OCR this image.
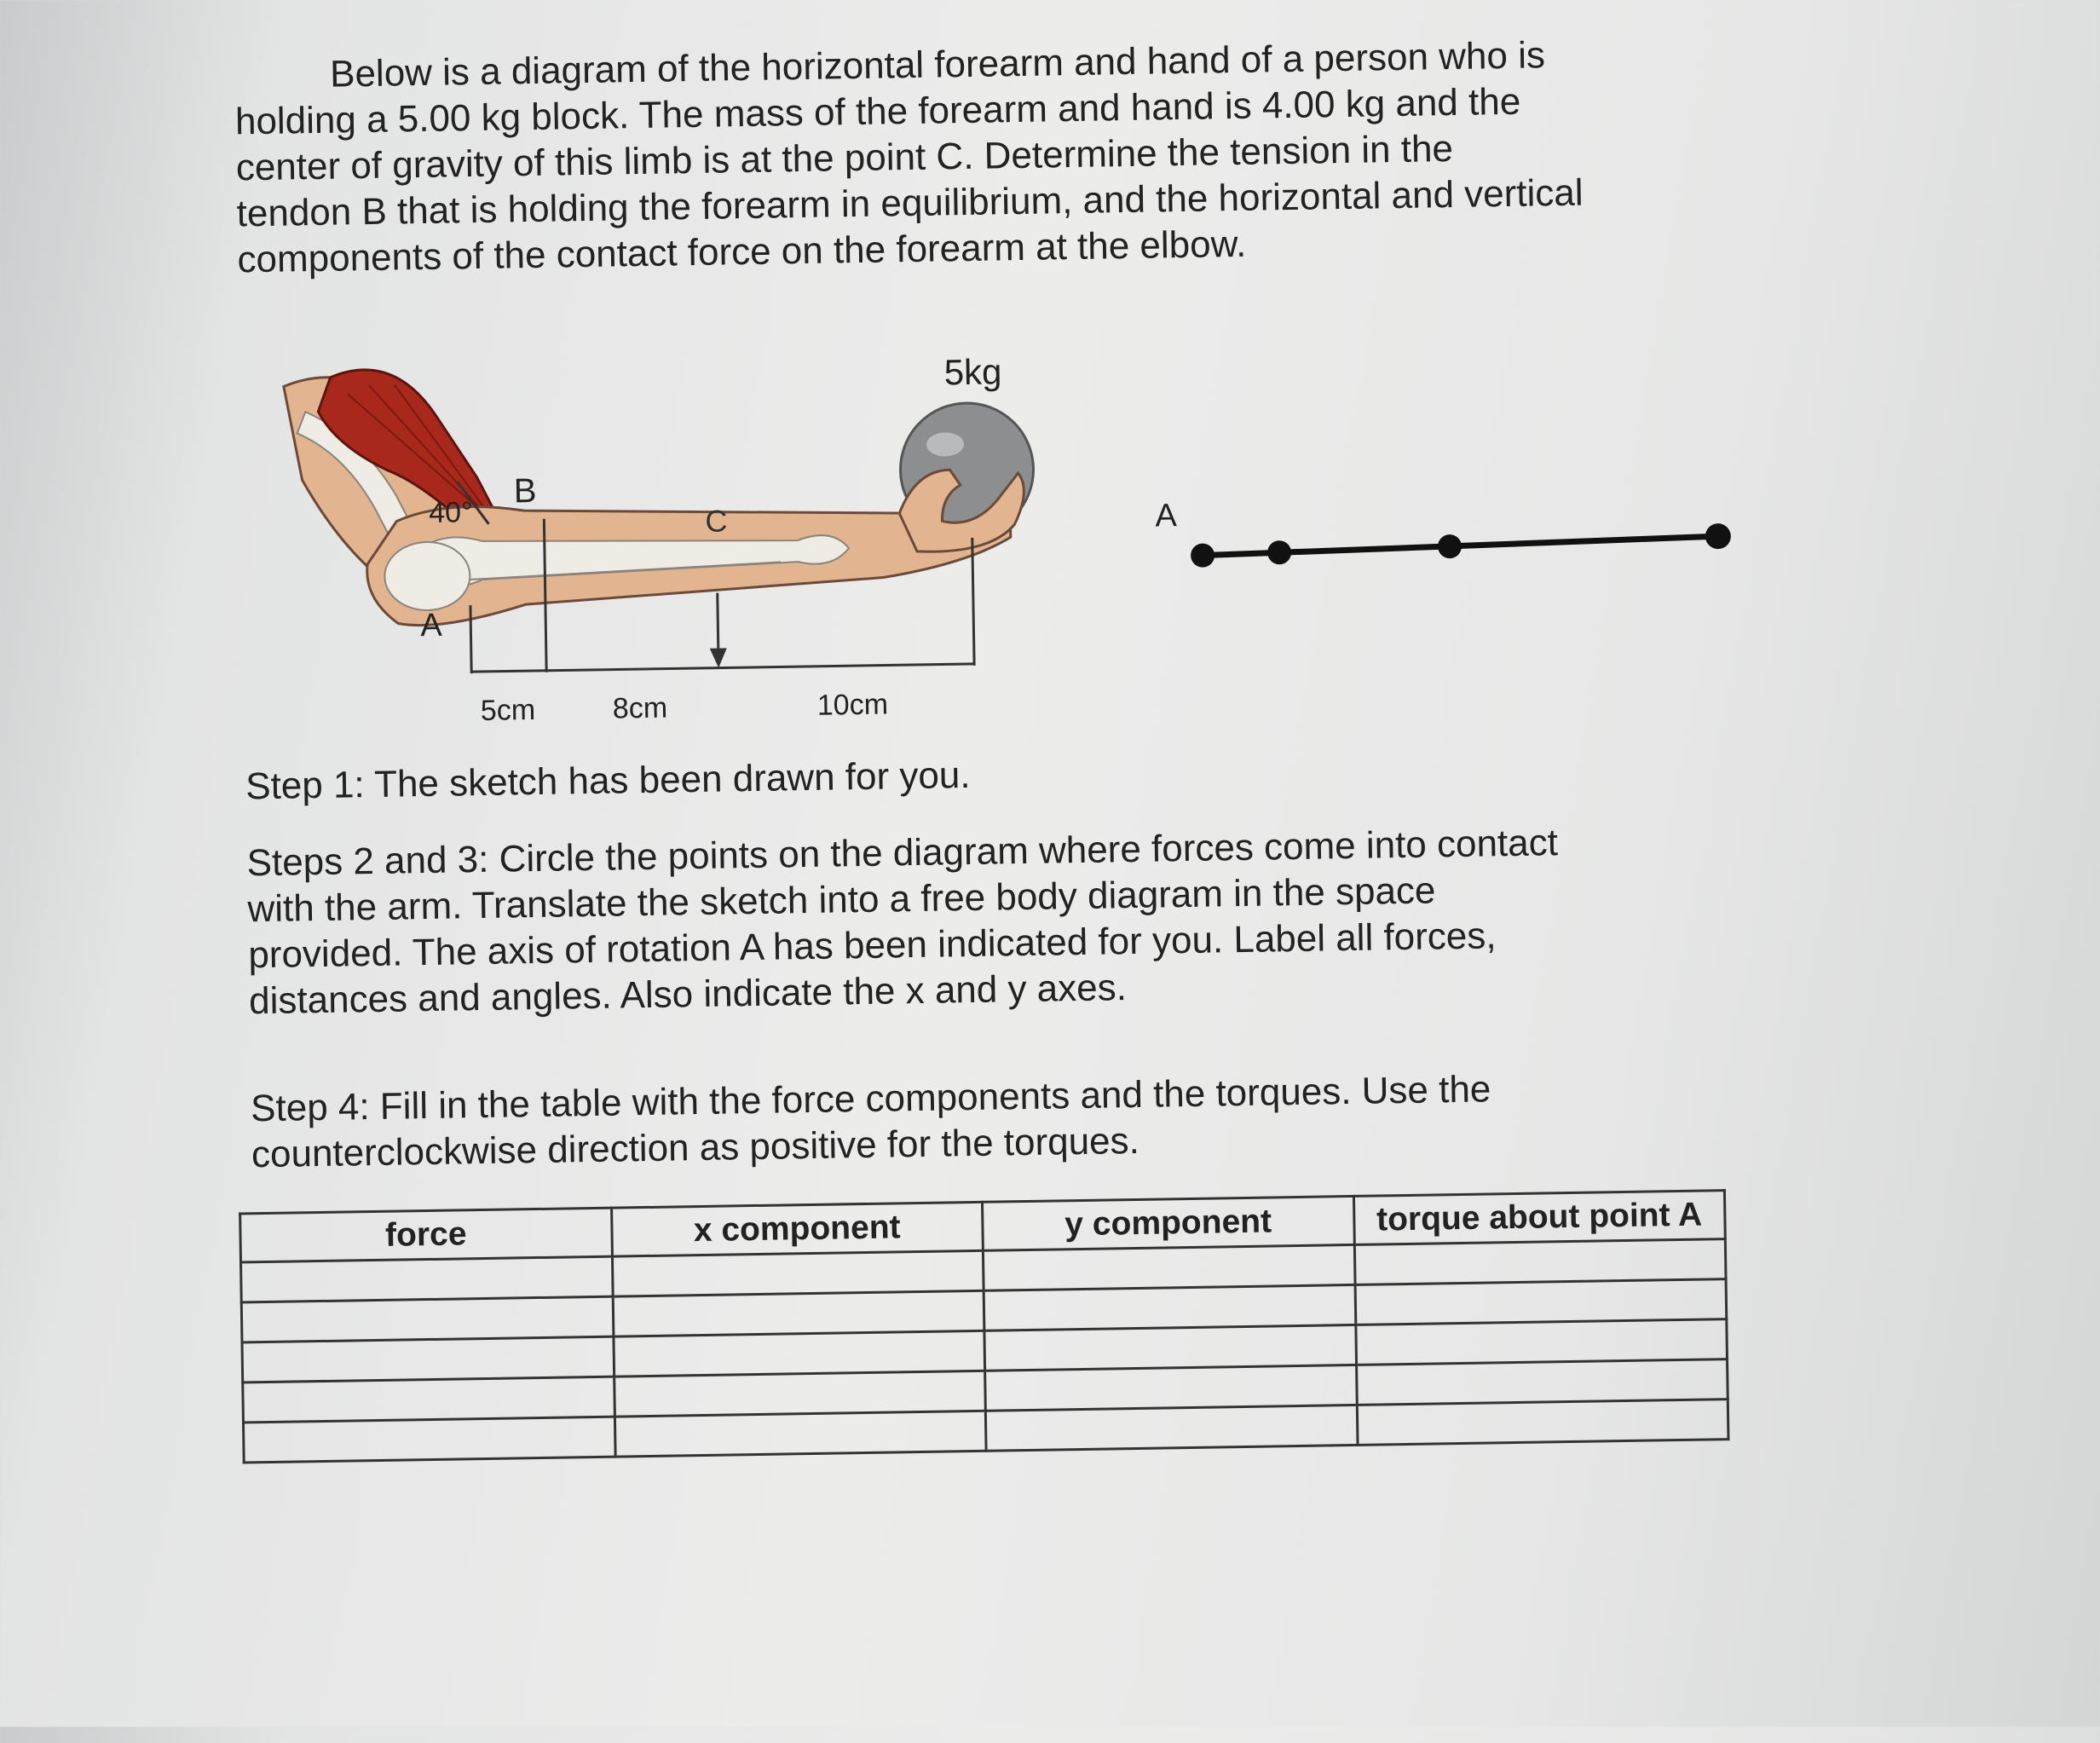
Below is a diagram of the horizontal forearm and hand of a person who is
holding a 5.00 kg block. The mass of the forearm and hand is 4.00 kg and the
center of gravity of this limb is at the point C. Determine the tension in the
tendon B that is holding the forearm in equilibrium, and the horizontal and vertical
components of the contact force on the forearm at the elbow.

5kg
40°
B
C
A
5cm	8cm	10cm
A

Step 1: The sketch has been drawn for you.

Steps 2 and 3: Circle the points on the diagram where forces come into contact
with the arm. Translate the sketch into a free body diagram in the space
provided. The axis of rotation A has been indicated for you. Label all forces,
distances and angles. Also indicate the x and y axes.

Step 4: Fill in the table with the force components and the torques. Use the
counterclockwise direction as positive for the torques.

force	x component	y component	torque about point A
